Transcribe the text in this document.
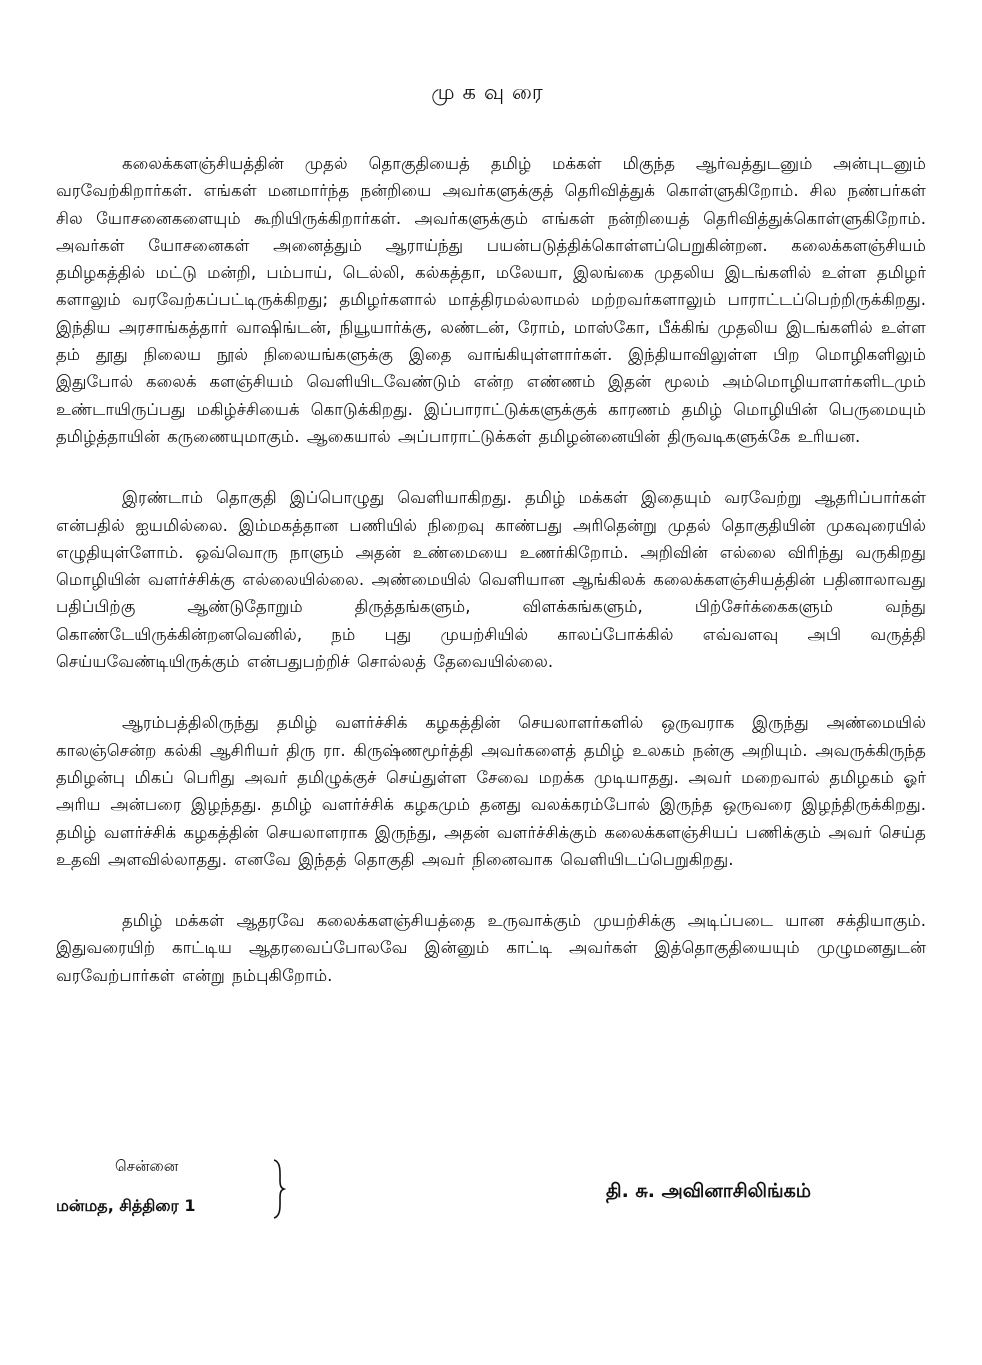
முகவுரை

கலைக்களஞ்சியத்தின் முதல் தொகுதியைத் தமிழ் மக்கள் மிகுந்த ஆர்வத்துடனும் அன்புடனும் வரவேற்கிறார்கள். எங்கள் மனமார்ந்த நன்றியை அவர்களுக்குத் தெரிவித்துக் கொள்ளுகிறோம். சில நண்பர்கள் சில யோசனைகளையும் கூறியிருக்கிறார்கள். அவர்களுக்கும் எங்கள் நன்றியைத் தெரிவித்துக்கொள்ளுகிறோம். அவர்கள் யோசனைகள் அனைத்தும் ஆராய்ந்து பயன்படுத்திக்கொள்ளப்பெறுகின்றன. கலைக்களஞ்சியம் தமிழகத்தில் மட்டு மன்றி, பம்பாய், டெல்லி, கல்கத்தா, மலேயா, இலங்கை முதலிய இடங்களில் உள்ள தமிழர் களாலும் வரவேற்கப்பட்டிருக்கிறது; தமிழர்களால் மாத்திரமல்லாமல் மற்றவர்களாலும் பாராட்டப்பெற்றிருக்கிறது. இந்திய அரசாங்கத்தார் வாஷிங்டன், நியூயார்க்கு, லண்டன், ரோம், மாஸ்கோ, பீக்கிங் முதலிய இடங்களில் உள்ள தம் தூது நிலைய நூல் நிலையங்களுக்கு இதை வாங்கியுள்ளார்கள். இந்தியாவிலுள்ள பிற மொழிகளிலும் இதுபோல் கலைக் களஞ்சியம் வெளியிடவேண்டும் என்ற எண்ணம் இதன் மூலம் அம்மொழியாளர்களிடமும் உண்டாயிருப்பது மகிழ்ச்சியைக் கொடுக்கிறது. இப்பாராட்டுக்களுக்குக் காரணம் தமிழ் மொழியின் பெருமையும் தமிழ்த்தாயின் கருணையுமாகும். ஆகையால் அப்பாராட்டுக்கள் தமிழன்னையின் திருவடிகளுக்கே உரியன.

இரண்டாம் தொகுதி இப்பொழுது வெளியாகிறது. தமிழ் மக்கள் இதையும் வரவேற்று ஆதரிப்பார்கள் என்பதில் ஐயமில்லை. இம்மகத்தான பணியில் நிறைவு காண்பது அரிதென்று முதல் தொகுதியின் முகவுரையில் எழுதியுள்ளோம். ஒவ்வொரு நாளும் அதன் உண்மையை உணர்கிறோம். அறிவின் எல்லை விரிந்து வருகிறது மொழியின் வளர்ச்சிக்கு எல்லையில்லை. அண்மையில் வெளியான ஆங்கிலக் கலைக்களஞ்சியத்தின் பதினாலாவது பதிப்பிற்கு ஆண்டுதோறும் திருத்தங்களும், விளக்கங்களும், பிற்சேர்க்கைகளும் வந்து கொண்டேயிருக்கின்றனவெனில், நம் புது முயற்சியில் காலப்போக்கில் எவ்வளவு அபி வருத்தி செய்யவேண்டியிருக்கும் என்பதுபற்றிச் சொல்லத் தேவையில்லை.

ஆரம்பத்திலிருந்து தமிழ் வளர்ச்சிக் கழகத்தின் செயலாளர்களில் ஒருவராக இருந்து அண்மையில் காலஞ்சென்ற கல்கி ஆசிரியர் திரு ரா. கிருஷ்ணமூர்த்தி அவர்களைத் தமிழ் உலகம் நன்கு அறியும். அவருக்கிருந்த தமிழன்பு மிகப் பெரிது அவர் தமிழுக்குச் செய்துள்ள சேவை மறக்க முடியாதது. அவர் மறைவால் தமிழகம் ஓர் அரிய அன்பரை இழந்தது. தமிழ் வளர்ச்சிக் கழகமும் தனது வலக்கரம்போல் இருந்த ஒருவரை இழந்திருக்கிறது. தமிழ் வளர்ச்சிக் கழகத்தின் செயலாளராக இருந்து, அதன் வளர்ச்சிக்கும் கலைக்களஞ்சியப் பணிக்கும் அவர் செய்த உதவி அளவில்லாதது. எனவே இந்தத் தொகுதி அவர் நினைவாக வெளியிடப்பெறுகிறது.

தமிழ் மக்கள் ஆதரவே கலைக்களஞ்சியத்தை உருவாக்கும் முயற்சிக்கு அடிப்படை யான சக்தியாகும். இதுவரையிற் காட்டிய ஆதரவைப்போலவே இன்னும் காட்டி அவர்கள் இத்தொகுதியையும் முழுமனதுடன் வரவேற்பார்கள் என்று நம்புகிறோம்.

சென்னை
மன்மத, சித்திரை 1
தி. சு. அவினாசிலிங்கம்
